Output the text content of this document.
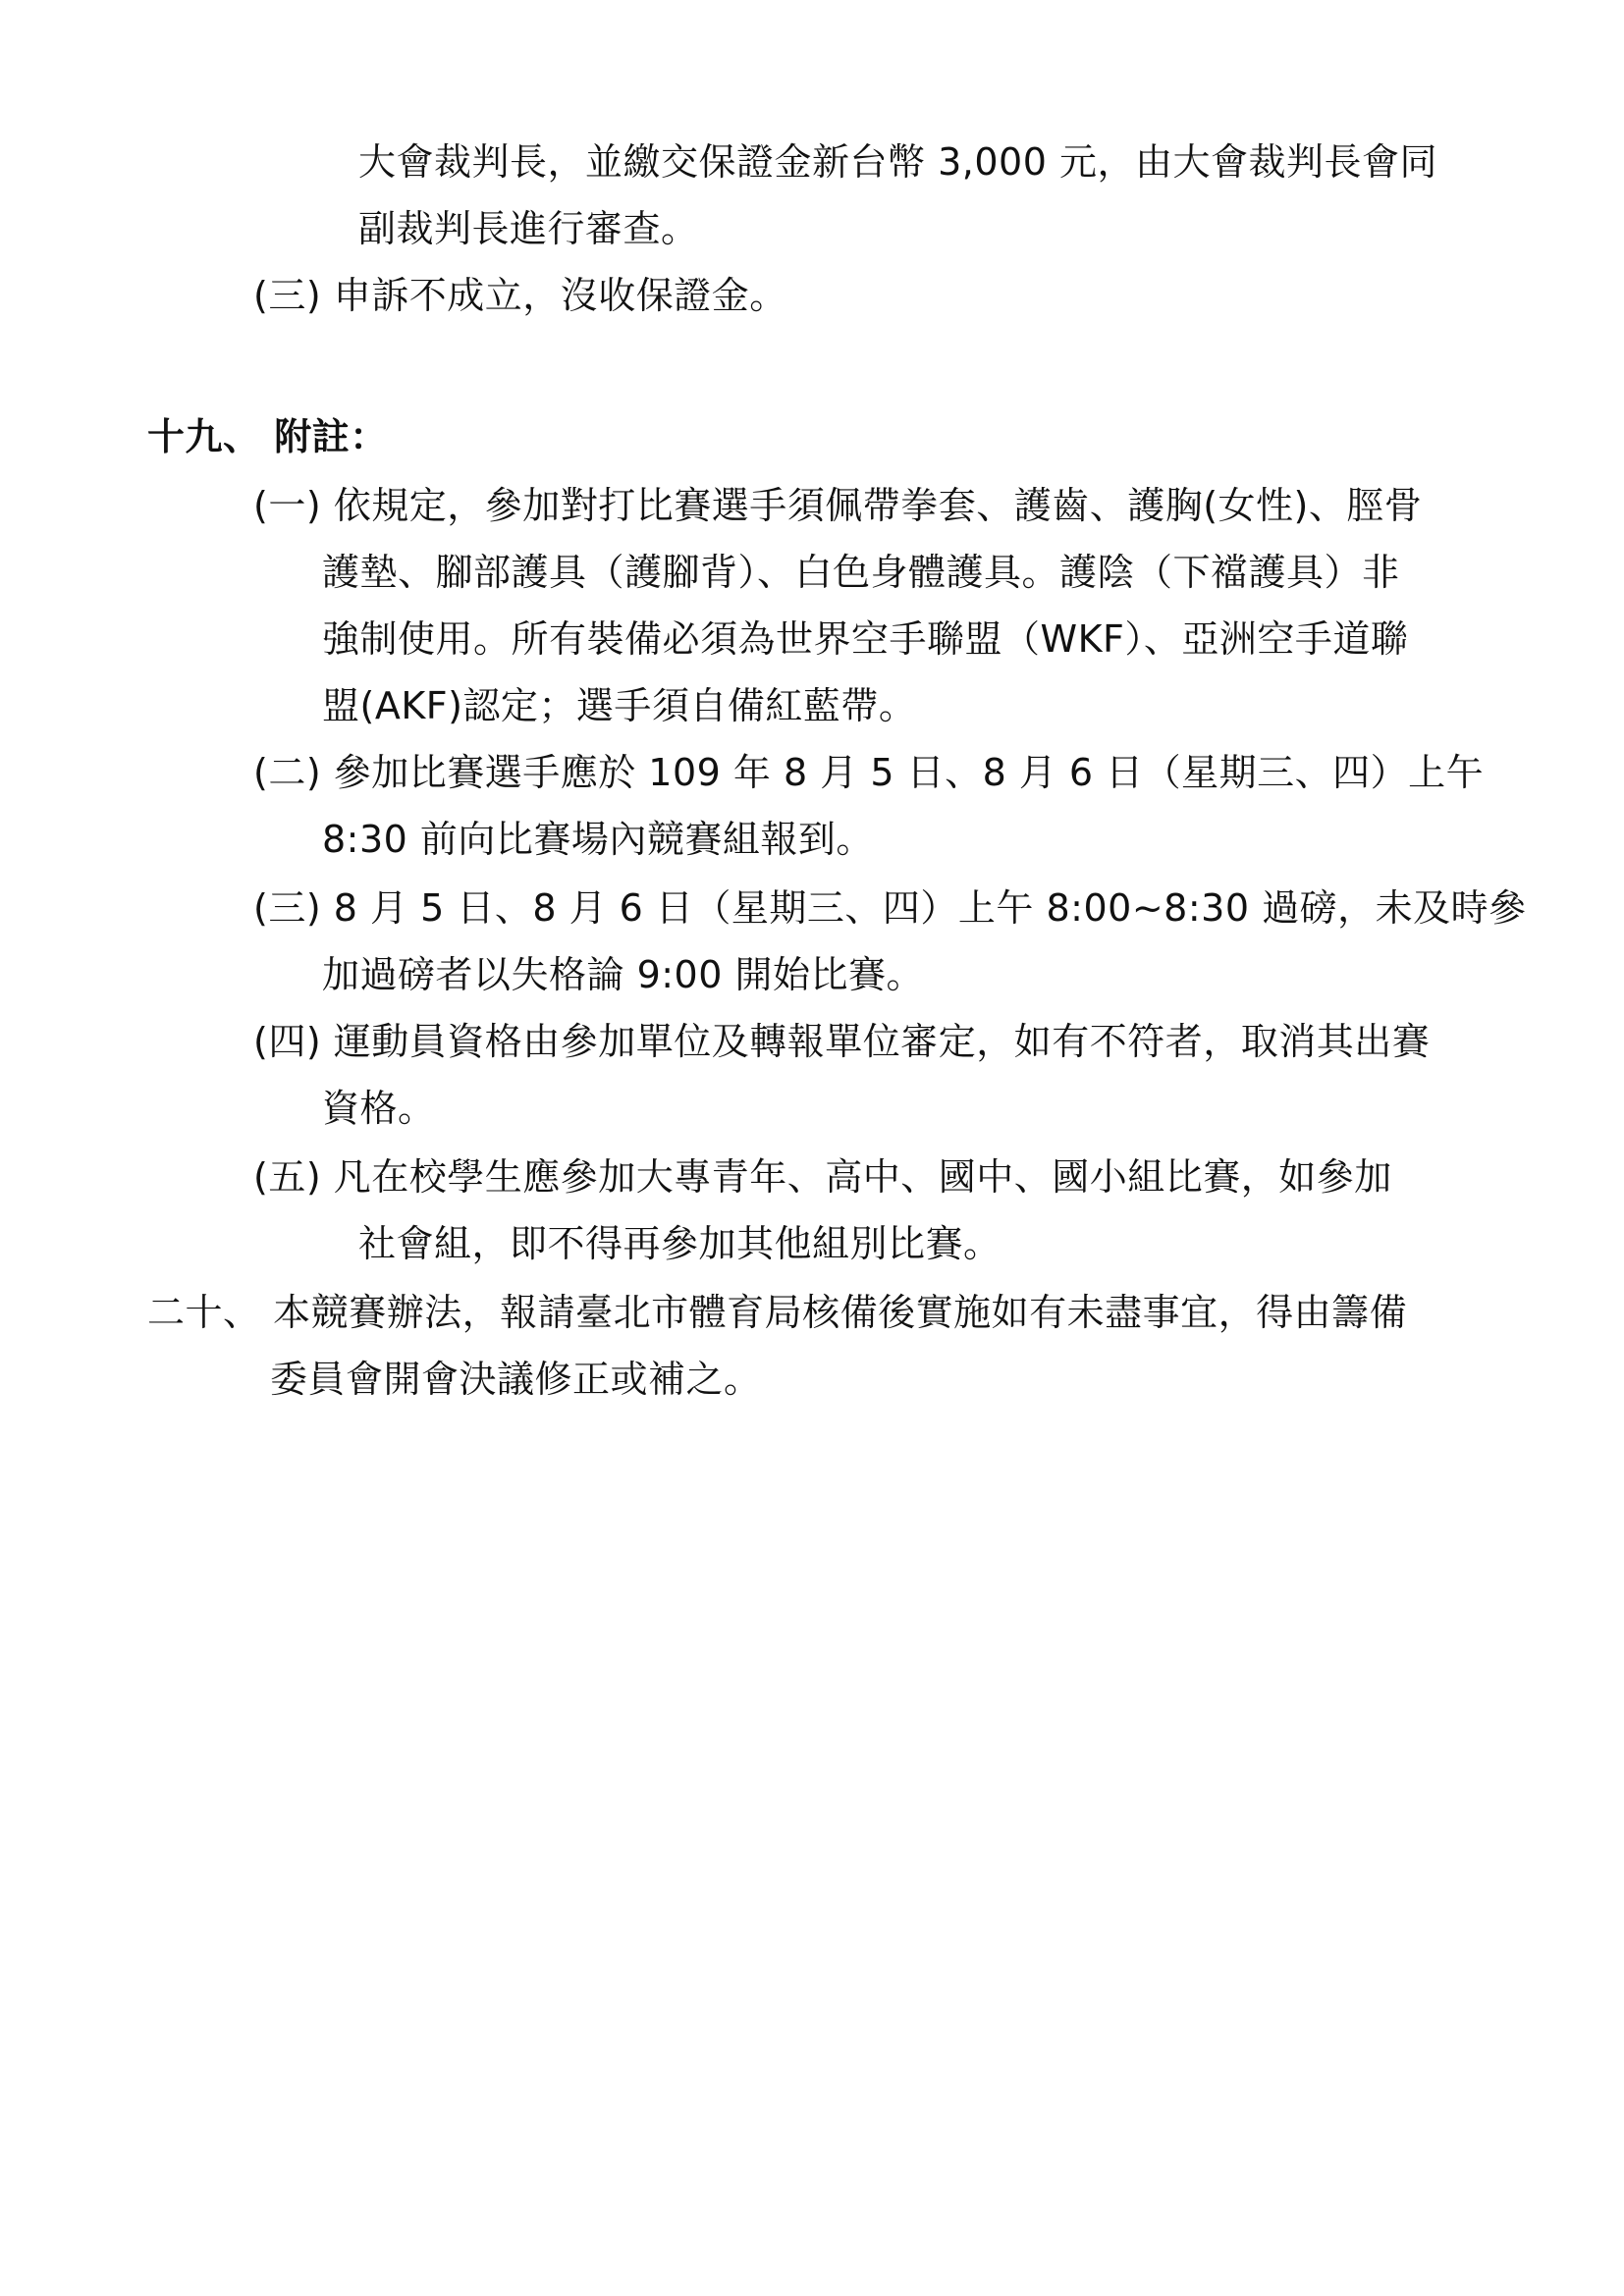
大會裁判長，並繳交保證金新台幣 3,000 元，由大會裁判長會同
副裁判長進行審查。
(三) 申訴不成立，沒收保證金。
十九、 附註：
(一) 依規定，參加對打比賽選手須佩帶拳套、護齒、護胸(女性)、脛骨
護墊、腳部護具（護腳背）、白色身體護具。護陰（下襠護具）非
強制使用。所有裝備必須為世界空手聯盟（WKF）、亞洲空手道聯
盟(AKF)認定；選手須自備紅藍帶。
(二) 參加比賽選手應於 109 年 8 月 5 日、8 月 6 日（星期三、四）上午
8:30 前向比賽場內競賽組報到。
(三) 8 月 5 日、8 月 6 日（星期三、四）上午 8:00~8:30 過磅，未及時參
加過磅者以失格論 9:00 開始比賽。
(四) 運動員資格由參加單位及轉報單位審定，如有不符者，取消其出賽
資格。
(五) 凡在校學生應參加大專青年、高中、國中、國小組比賽，如參加
社會組，即不得再參加其他組別比賽。
二十、 本競賽辦法，報請臺北市體育局核備後實施如有未盡事宜，得由籌備
委員會開會決議修正或補之。
